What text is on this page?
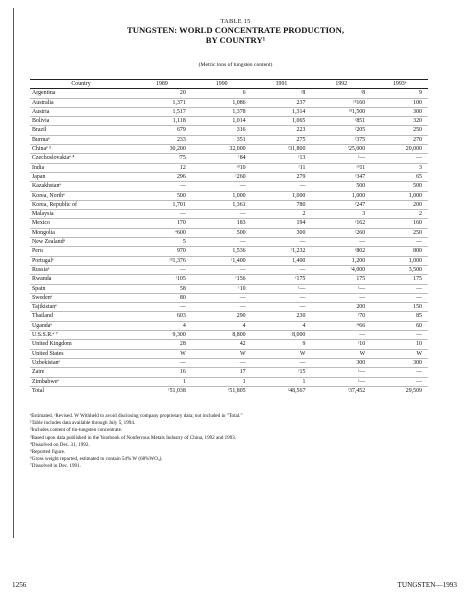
TABLE 15
TUNGSTEN: WORLD CONCENTRATE PRODUCTION,
BY COUNTRY¹
(Metric tons of tungsten content)
Country	1989	1990	1991	1992	1993ᵉ
Argentina	20	6	ʳ8	ʳ8	9
Australia	1,371	1,086	237	ʳ³160	100
Austria	1,517	1,378	1,314	ʳ³1,500	300
Bolivia	1,118	1,014	1,065	ʳ851	320
Brazil	679	316	223	ʳ205	250
Burmaᵉ	233	351	275	ʳ375	270
Chinaᵉ ³	30,200	32,000	ʳ31,800	ʳ25,000	20,000
Czechoslovakiaᵉ ⁴	ʳ75	ʳ84	ʳ13	ʳ—	—
India	12	ʳ³10	ʳ11	ʳ³11	3
Japan	296	ʳ260	279	ʳ347	65
Kazakhstanᵉ	—	—	—	500	500
Korea, Northᵉ	500	1,000	1,000	1,000	1,000
Korea, Republic of	1,701	1,361	780	ʳ247	200
Malaysia	—	—	2	3	2
Mexico	170	183	194	ʳ162	160
Mongolia	ᵉ600	500	300	ʳ260	250
New Zealandᵉ	5	—	—	—	—
Peru	970	1,536	ʳ1,232	ʳ802	800
Portugalᵉ	ʳ³1,376	ʳ1,400	1,400	1,200	1,000
Russiaᵉ	—	—	—	ʳ4,000	3,500
Rwanda	ʳ105	ʳ156	ʳ175	175	175
Spain	58	ʳ10	ʳ—	ʳ—	—
Swedenᵉ	80	—	—	—	—
Tajikistanᵉ	—	—	—	200	150
Thailand	603	290	230	ʳ70	85
Ugandaᵉ	4	4	4	ʳᵉ66	60
U.S.S.R.ᵉ ⁷	9,300	8,800	8,000	—	—
United Kingdom	28	42	9	ʳ10	10
United States	W	W	W	W	W
Uzbekistanᵉ	—	—	—	300	300
Zaire	16	17	ʳ15	ʳ—	—
Zimbabweᵉ	1	1	1	ʳ—	—
Total	ʳ51,038	ʳ51,805	ʳ48,567	ʳ37,452	29,509
ᵉEstimated. ʳRevised. W Withheld to avoid disclosing company proprietary data; not included in "Total."
¹Table includes data available through July 5, 1994.
²Includes content of tin-tungsten concentrate.
³Based upon data published in the Yearbook of Nonferrous Metals Industry of China, 1992 and 1993.
⁴Dissolved on Dec. 31, 1992.
⁵Reported figure.
⁶Gross weight reported, estimated to contain 54% W (68%WO₃).
⁷Dissolved in Dec. 1991.
1256	TUNGSTEN—1993
